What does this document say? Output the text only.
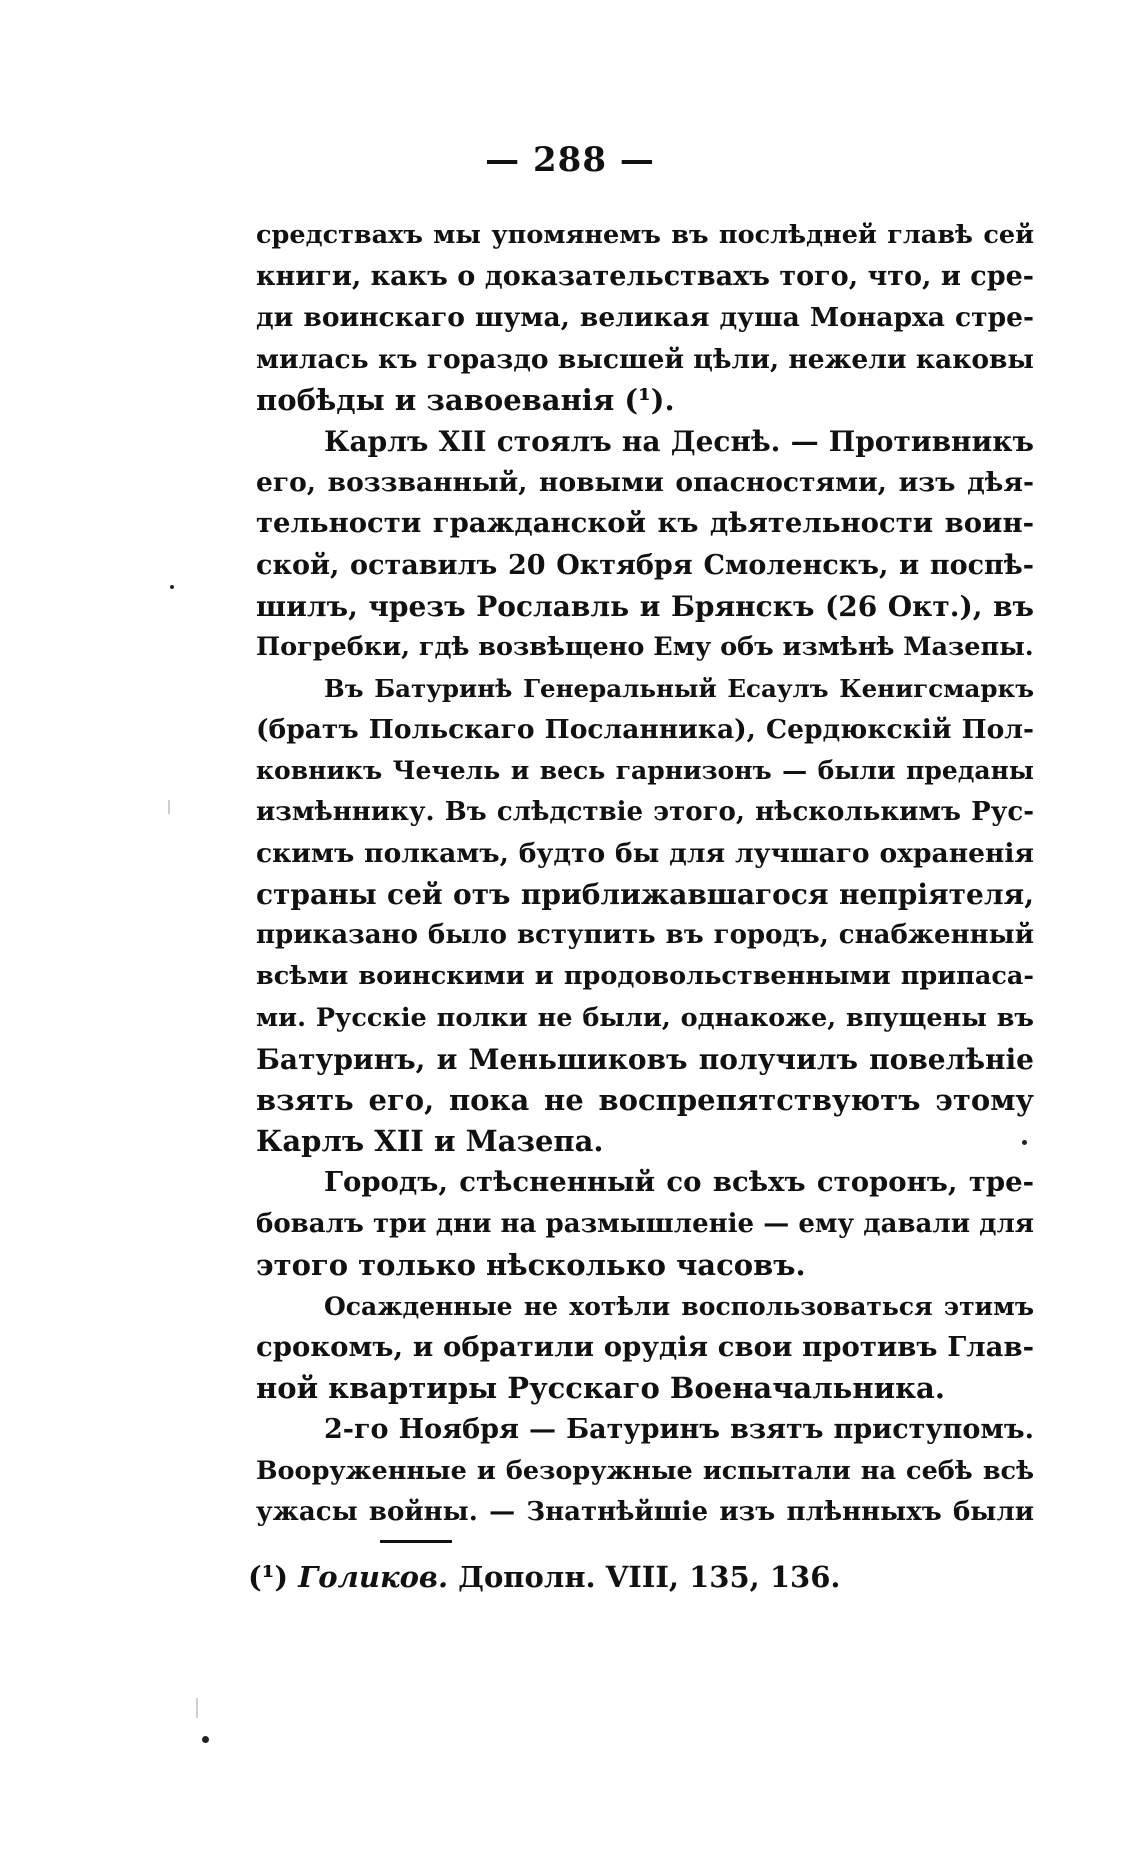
— 288 —
средствахъ мы упомянемъ въ послѣдней главѣ сей
книги, какъ о доказательствахъ того, что, и сре-
ди воинскаго шума, великая душа Монарха стре-
милась къ гораздо высшей цѣли, нежели каковы
побѣды и завоеванія (¹).
Карлъ XII стоялъ на Деснѣ. — Противникъ
его, воззванный, новыми опасностями, изъ дѣя-
тельности гражданской къ дѣятельности воин-
ской, оставилъ 20 Октября Смоленскъ, и поспѣ-
шилъ, чрезъ Рославль и Брянскъ (26 Окт.), въ
Погребки, гдѣ возвѣщено Ему объ измѣнѣ Мазепы.
Въ Батуринѣ Генеральный Есаулъ Кенигсмаркъ
(братъ Польскаго Посланника), Сердюкскій Пол-
ковникъ Чечель и весь гарнизонъ — были преданы
измѣннику. Въ слѣдствіе этого, нѣсколькимъ Рус-
скимъ полкамъ, будто бы для лучшаго охраненія
страны сей отъ приближавшагося непріятеля,
приказано было вступить въ городъ, снабженный
всѣми воинскими и продовольственными припаса-
ми. Русскіе полки не были, однакоже, впущены въ
Батуринъ, и Меньшиковъ получилъ повелѣніе
взять его, пока не воспрепятствуютъ этому
Карлъ XII и Мазепа.
Городъ, стѣсненный со всѣхъ сторонъ, тре-
бовалъ три дни на размышленіе — ему давали для
этого только нѣсколько часовъ.
Осажденные не хотѣли воспользоваться этимъ
срокомъ, и обратили орудія свои противъ Глав-
ной квартиры Русскаго Военачальника.
2-го Ноября — Батуринъ взятъ приступомъ.
Вооруженные и безоружные испытали на себѣ всѣ
ужасы войны. — Знатнѣйшіе изъ плѣнныхъ были
(¹) Голиков. Дополн. VIII, 135, 136.
